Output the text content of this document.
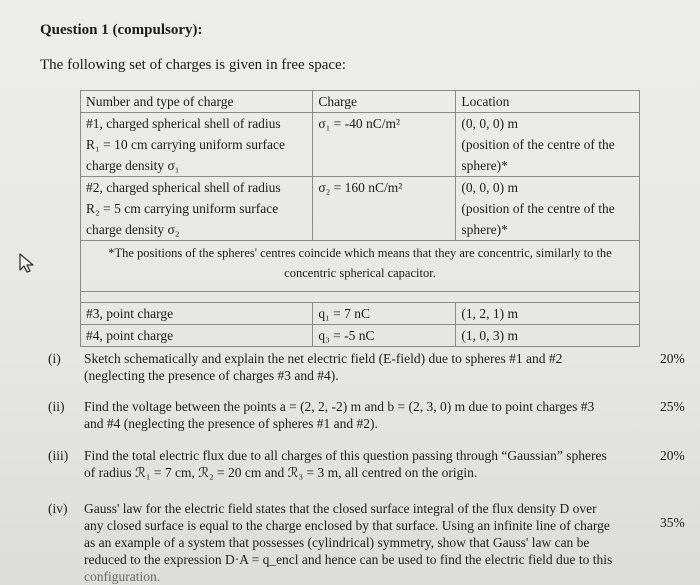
Question 1 (compulsory):
The following set of charges is given in free space:
Number and type of charge	Charge	Location

#1, charged spherical shell of radius
R₁ = 10 cm carrying uniform surface
charge density σ₁	σ₁ = -40 nC/m²	(0, 0, 0) m
(position of the centre of the
sphere)*

#2, charged spherical shell of radius
R₂ = 5 cm carrying uniform surface
charge density σ₂	σ₂ = 160 nC/m²	(0, 0, 0) m
(position of the centre of the
sphere)*

*The positions of the spheres' centres coincide which means that they are concentric, similarly to the concentric spherical capacitor.		

#3, point charge	q₁ = 7 nC	(1, 2, 1) m
#4, point charge	q₃ = -5 nC	(1, 0, 3) m
(i)	Sketch schematically and explain the net electric field (E-field) due to spheres #1 and #2
(neglecting the presence of charges #3 and #4).
20%
(ii)	Find the voltage between the points a = (2, 2, -2) m and b = (2, 3, 0) m due to point charges #3
and #4 (neglecting the presence of spheres #1 and #2).
25%
(iii)	Find the total electric flux due to all charges of this question passing through “Gaussian” spheres
of radius ℛ₁ = 7 cm, ℛ₂ = 20 cm and ℛ₃ = 3 m, all centred on the origin.
20%
(iv)	Gauss' law for the electric field states that the closed surface integral of the flux density D over
any closed surface is equal to the charge enclosed by that surface. Using an infinite line of charge
as an example of a system that possesses (cylindrical) symmetry, show that Gauss' law can be
reduced to the expression D·A = q_encl and hence can be used to find the electric field due to this
configuration.
35%
